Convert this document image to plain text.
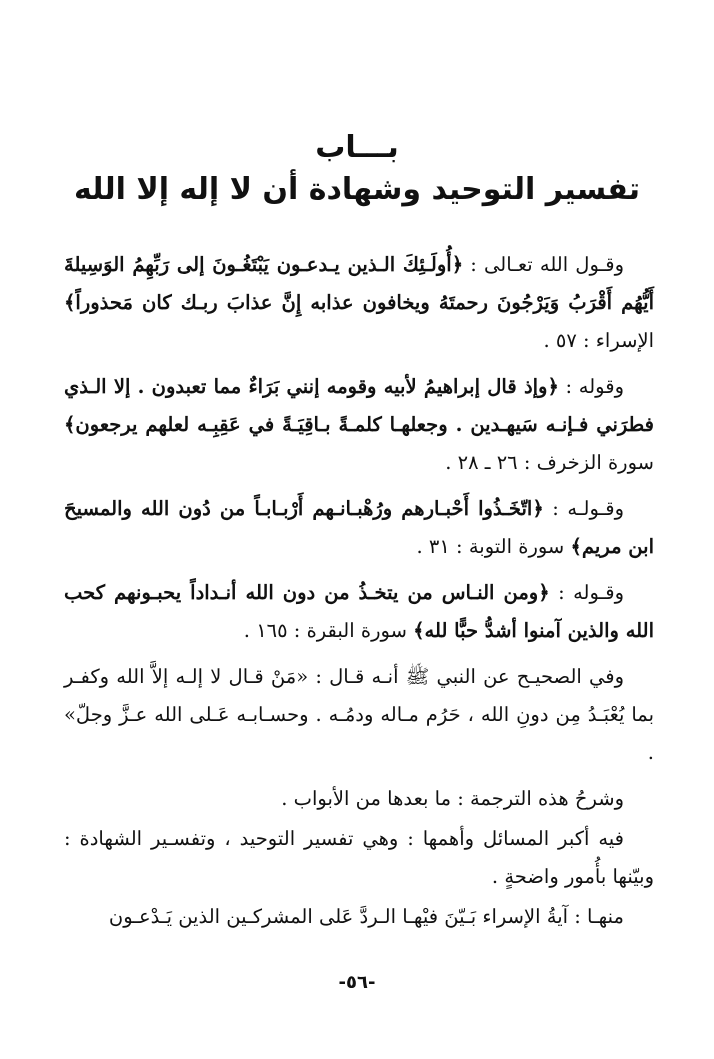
بـــاب
تفسير التوحيد وشهادة أن لا إله إلا الله

وقـول الله تعـالى : ﴿أُولَـئِكَ الـذين يـدعـون يَبْتَغُـونَ إلى رَبِّهِمُ الوَسِيلةَ أَيُّهُم أَقْرَبُ وَيَرْجُونَ رحمتَهُ ويخافون عذابه إِنَّ عذابَ ربـك كان مَحذوراً﴾ الإسراء : ٥٧ .

وقوله : ﴿وإذ قال إبراهيمُ لأبيه وقومه إنني بَرَاءٌ مما تعبدون . إلا الـذي فطرَني فـإنـه سَيهـدين . وجعلهـا كلمـةً بـاقِيَـةً في عَقِبِـه لعلهم يرجعون﴾ سورة الزخرف : ٢٦ ـ ٢٨ .

وقـولـه : ﴿اتّخَـذُوا أَحْبـارهم ورُهْبـانـهم أَرْبـابـاً من دُون الله والمسيحَ ابن مريم﴾ سورة التوبة : ٣١ .

وقـوله : ﴿ومن النـاس من يتخـذُ من دون الله أنـداداً يحبـونهم كحب الله والذين آمنوا أشدُّ حبًّا لله﴾ سورة البقرة : ١٦٥ .

وفي الصحيـح عن النبي ﷺ أنـه قـال : «مَنْ قـال لا إلـه إلاَّ الله وكفـر بما يُعْبَـدُ مِن دونِ الله ، حَرُم مـاله ودمُـه . وحسـابـه عَـلى الله عـزَّ وجلّ» .

وشرحُ هذه الترجمة : ما بعدها من الأبواب .

فيه أكبر المسائل وأهمها : وهي تفسير التوحيد ، وتفسـير الشهادة : وبيّنها بأُمور واضحةٍ .

منهـا : آيةُ الإسراء بَـيّنَ فيْهـا الـردَّ عَلى المشركـين الذين يَـدْعـون

-٥٦-
